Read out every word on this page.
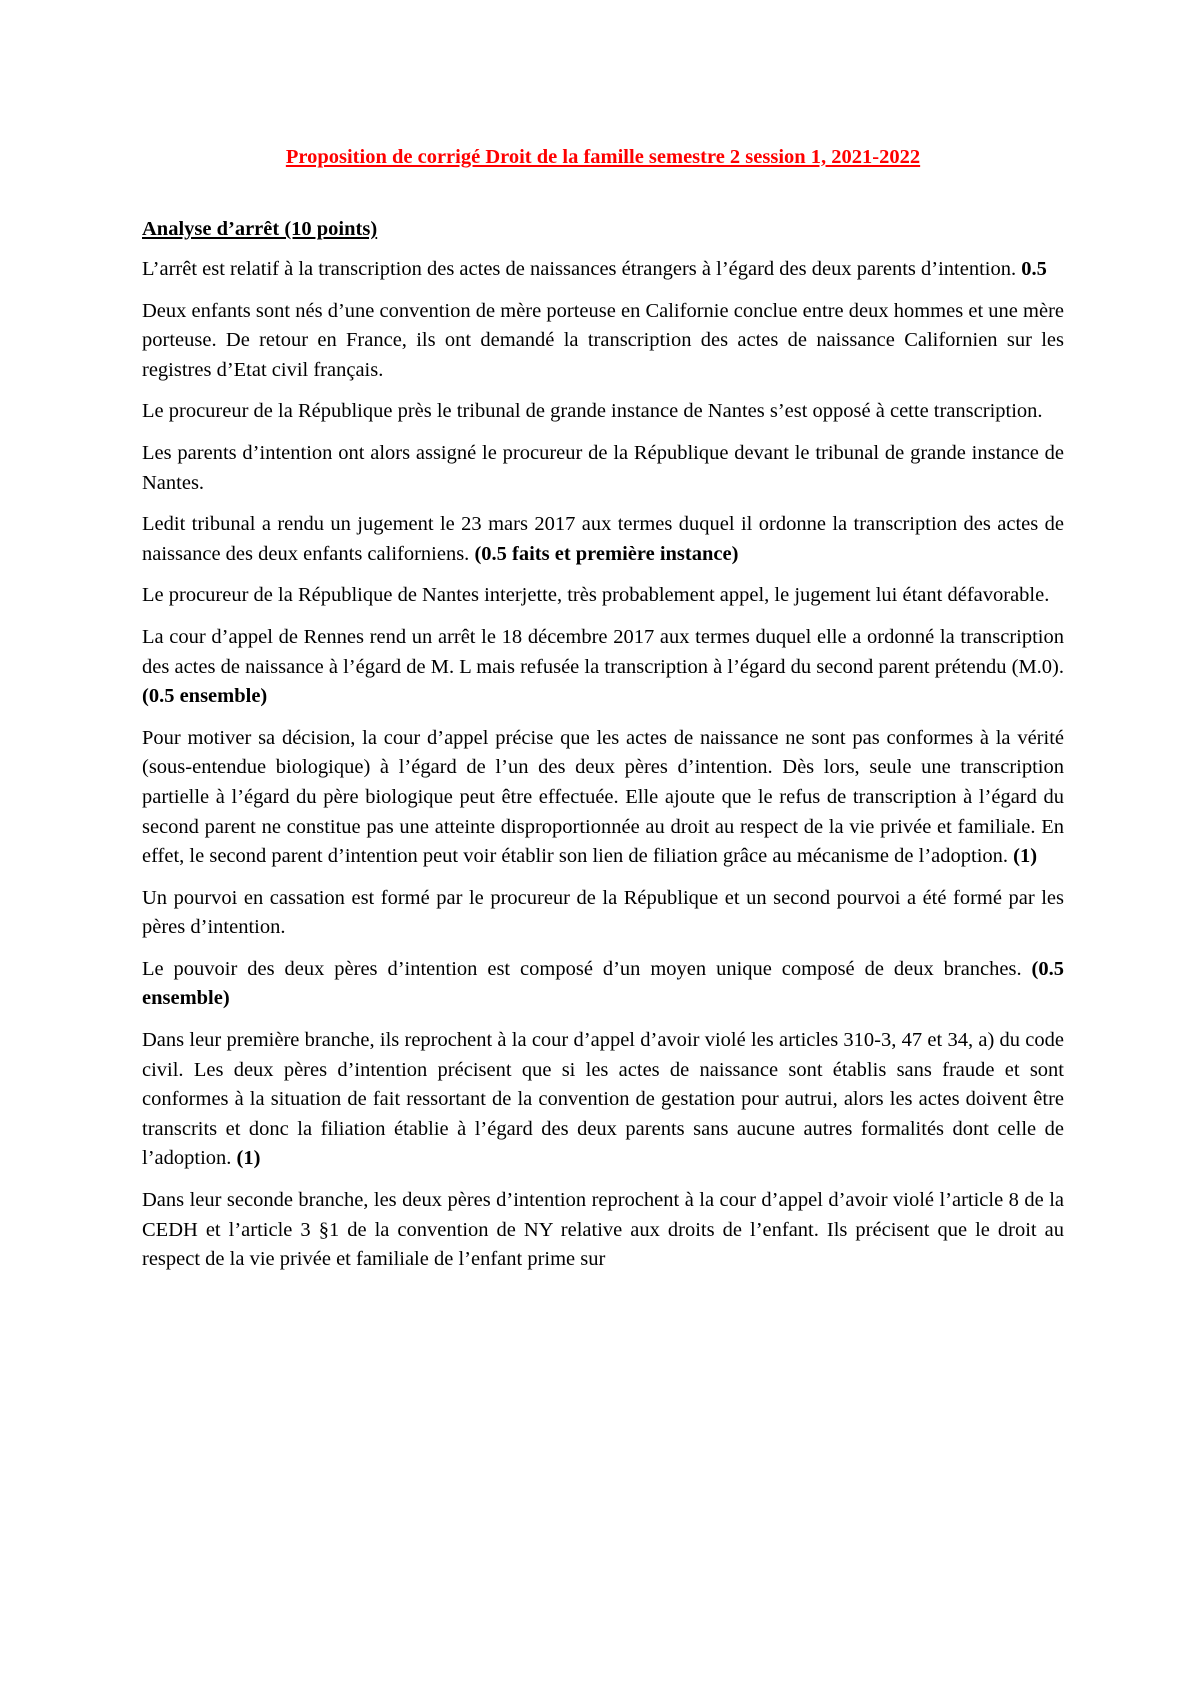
Proposition de corrigé Droit de la famille semestre 2 session 1, 2021-2022
Analyse d’arrêt (10 points)

L’arrêt est relatif à la transcription des actes de naissances étrangers à l’égard des deux parents d’intention. 0.5

Deux enfants sont nés d’une convention de mère porteuse en Californie conclue entre deux hommes et une mère porteuse. De retour en France, ils ont demandé la transcription des actes de naissance Californien sur les registres d’Etat civil français.

Le procureur de la République près le tribunal de grande instance de Nantes s’est opposé à cette transcription.

Les parents d’intention ont alors assigné le procureur de la République devant le tribunal de grande instance de Nantes.

Ledit tribunal a rendu un jugement le 23 mars 2017 aux termes duquel il ordonne la transcription des actes de naissance des deux enfants californiens. (0.5 faits et première instance)

Le procureur de la République de Nantes interjette, très probablement appel, le jugement lui étant défavorable.

La cour d’appel de Rennes rend un arrêt le 18 décembre 2017 aux termes duquel elle a ordonné la transcription des actes de naissance à l’égard de M. L mais refusée la transcription à l’égard du second parent prétendu (M.0). (0.5 ensemble)

Pour motiver sa décision, la cour d’appel précise que les actes de naissance ne sont pas conformes à la vérité (sous-entendue biologique) à l’égard de l’un des deux pères d’intention. Dès lors, seule une transcription partielle à l’égard du père biologique peut être effectuée. Elle ajoute que le refus de transcription à l’égard du second parent ne constitue pas une atteinte disproportionnée au droit au respect de la vie privée et familiale. En effet, le second parent d’intention peut voir établir son lien de filiation grâce au mécanisme de l’adoption. (1)

Un pourvoi en cassation est formé par le procureur de la République et un second pourvoi a été formé par les pères d’intention.

Le pouvoir des deux pères d’intention est composé d’un moyen unique composé de deux branches. (0.5 ensemble)

Dans leur première branche, ils reprochent à la cour d’appel d’avoir violé les articles 310-3, 47 et 34, a) du code civil. Les deux pères d’intention précisent que si les actes de naissance sont établis sans fraude et sont conformes à la situation de fait ressortant de la convention de gestation pour autrui, alors les actes doivent être transcrits et donc la filiation établie à l’égard des deux parents sans aucune autres formalités dont celle de l’adoption. (1)

Dans leur seconde branche, les deux pères d’intention reprochent à la cour d’appel d’avoir violé l’article 8 de la CEDH et l’article 3 §1 de la convention de NY relative aux droits de l’enfant. Ils précisent que le droit au respect de la vie privée et familiale de l’enfant prime sur
